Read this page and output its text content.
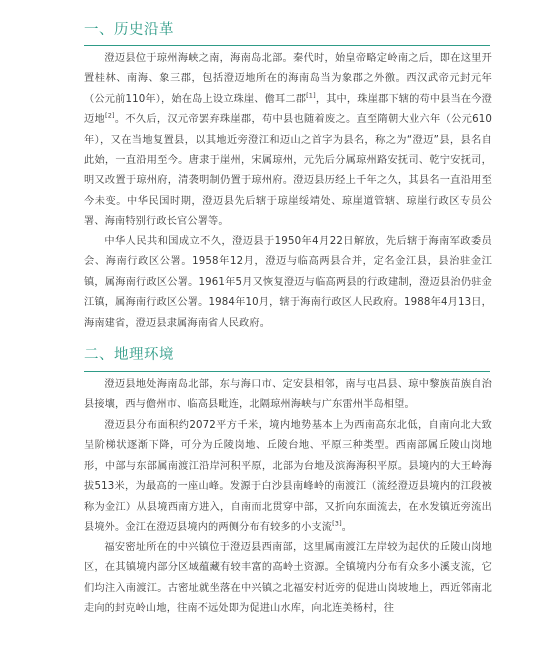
一、历史沿革

澄迈县位于琼州海峡之南，海南岛北部。秦代时，始皇帝略定岭南之后，即在这里开置桂林、南海、象三郡，包括澄迈地所在的海南岛当为象郡之外徼。西汉武帝元封元年（公元前110年），始在岛上设立珠崖、儋耳二郡[1]，其中，珠崖郡下辖的苟中县当在今澄迈地[2]。不久后，汉元帝罢弃珠崖郡，苟中县也随着废之。直至隋朝大业六年（公元610年），又在当地复置县，以其地近旁澄江和迈山之首字为县名，称之为“澄迈”县，县名自此始，一直沿用至今。唐隶于崖州，宋属琼州，元先后分属琼州路安抚司、乾宁安抚司，明又改置于琼州府，清袭明制仍置于琼州府。澄迈县历经上千年之久，其县名一直沿用至今未变。中华民国时期，澄迈县先后辖于琼崖绥靖处、琼崖道管辖、琼崖行政区专员公署、海南特别行政长官公署等。

中华人民共和国成立不久，澄迈县于1950年4月22日解放，先后辖于海南军政委员会、海南行政区公署。1958年12月，澄迈与临高两县合并，定名金江县，县治驻金江镇，属海南行政区公署。1961年5月又恢复澄迈与临高两县的行政建制，澄迈县治仍驻金江镇，属海南行政区公署。1984年10月，辖于海南行政区人民政府。1988年4月13日，海南建省，澄迈县隶属海南省人民政府。

二、地理环境

澄迈县地处海南岛北部，东与海口市、定安县相邻，南与屯昌县、琼中黎族苗族自治县接壤，西与儋州市、临高县毗连，北隔琼州海峡与广东雷州半岛相望。

澄迈县分布面积约2072平方千米，境内地势基本上为西南高东北低，自南向北大致呈阶梯状逐渐下降，可分为丘陵岗地、丘陵台地、平原三种类型。西南部属丘陵山岗地形，中部与东部属南渡江沿岸河积平原，北部为台地及滨海海积平原。县境内的大王岭海拔513米，为最高的一座山峰。发源于白沙县南峰岭的南渡江（流经澄迈县境内的江段被称为金江）从县境西南方进入，自南而北贯穿中部，又折向东面流去，在水发镇近旁流出县境外。金江在澄迈县境内的两侧分布有较多的小支流[3]。

福安密址所在的中兴镇位于澄迈县西南部，这里属南渡江左岸较为起伏的丘陵山岗地区，在其镇境内部分区域蕴藏有较丰富的高岭土资源。全镇境内分布有众多小溪支流，它们均注入南渡江。古密址就坐落在中兴镇之北福安村近旁的促进山岗坡地上，西近邻南北走向的封克岭山地，往南不远处即为促进山水库，向北连美杨村，往
